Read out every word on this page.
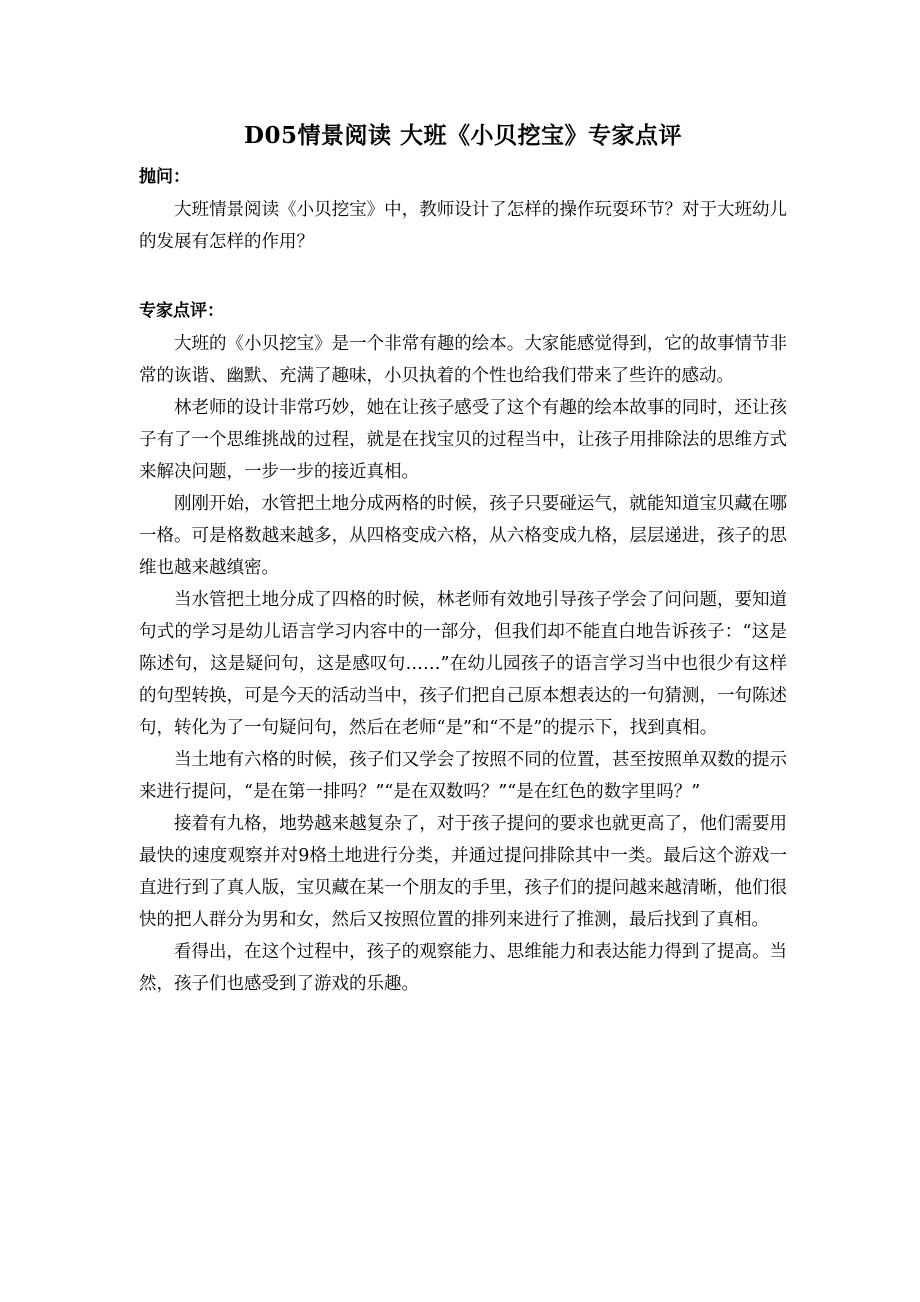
D05情景阅读 大班《小贝挖宝》专家点评

抛问：

大班情景阅读《小贝挖宝》中，教师设计了怎样的操作玩耍环节？对于大班幼儿的发展有怎样的作用？

专家点评：

大班的《小贝挖宝》是一个非常有趣的绘本。大家能感觉得到，它的故事情节非常的诙谐、幽默、充满了趣味，小贝执着的个性也给我们带来了些许的感动。

林老师的设计非常巧妙，她在让孩子感受了这个有趣的绘本故事的同时，还让孩子有了一个思维挑战的过程，就是在找宝贝的过程当中，让孩子用排除法的思维方式来解决问题，一步一步的接近真相。

刚刚开始，水管把土地分成两格的时候，孩子只要碰运气，就能知道宝贝藏在哪一格。可是格数越来越多，从四格变成六格，从六格变成九格，层层递进，孩子的思维也越来越缜密。

当水管把土地分成了四格的时候，林老师有效地引导孩子学会了问问题，要知道句式的学习是幼儿语言学习内容中的一部分，但我们却不能直白地告诉孩子：“这是陈述句，这是疑问句，这是感叹句……”在幼儿园孩子的语言学习当中也很少有这样的句型转换，可是今天的活动当中，孩子们把自己原本想表达的一句猜测，一句陈述句，转化为了一句疑问句，然后在老师“是”和“不是”的提示下，找到真相。

当土地有六格的时候，孩子们又学会了按照不同的位置，甚至按照单双数的提示来进行提问，“是在第一排吗？”“是在双数吗？”“是在红色的数字里吗？”

接着有九格，地势越来越复杂了，对于孩子提问的要求也就更高了，他们需要用最快的速度观察并对9格土地进行分类，并通过提问排除其中一类。最后这个游戏一直进行到了真人版，宝贝藏在某一个朋友的手里，孩子们的提问越来越清晰，他们很快的把人群分为男和女，然后又按照位置的排列来进行了推测，最后找到了真相。

看得出，在这个过程中，孩子的观察能力、思维能力和表达能力得到了提高。当然，孩子们也感受到了游戏的乐趣。
